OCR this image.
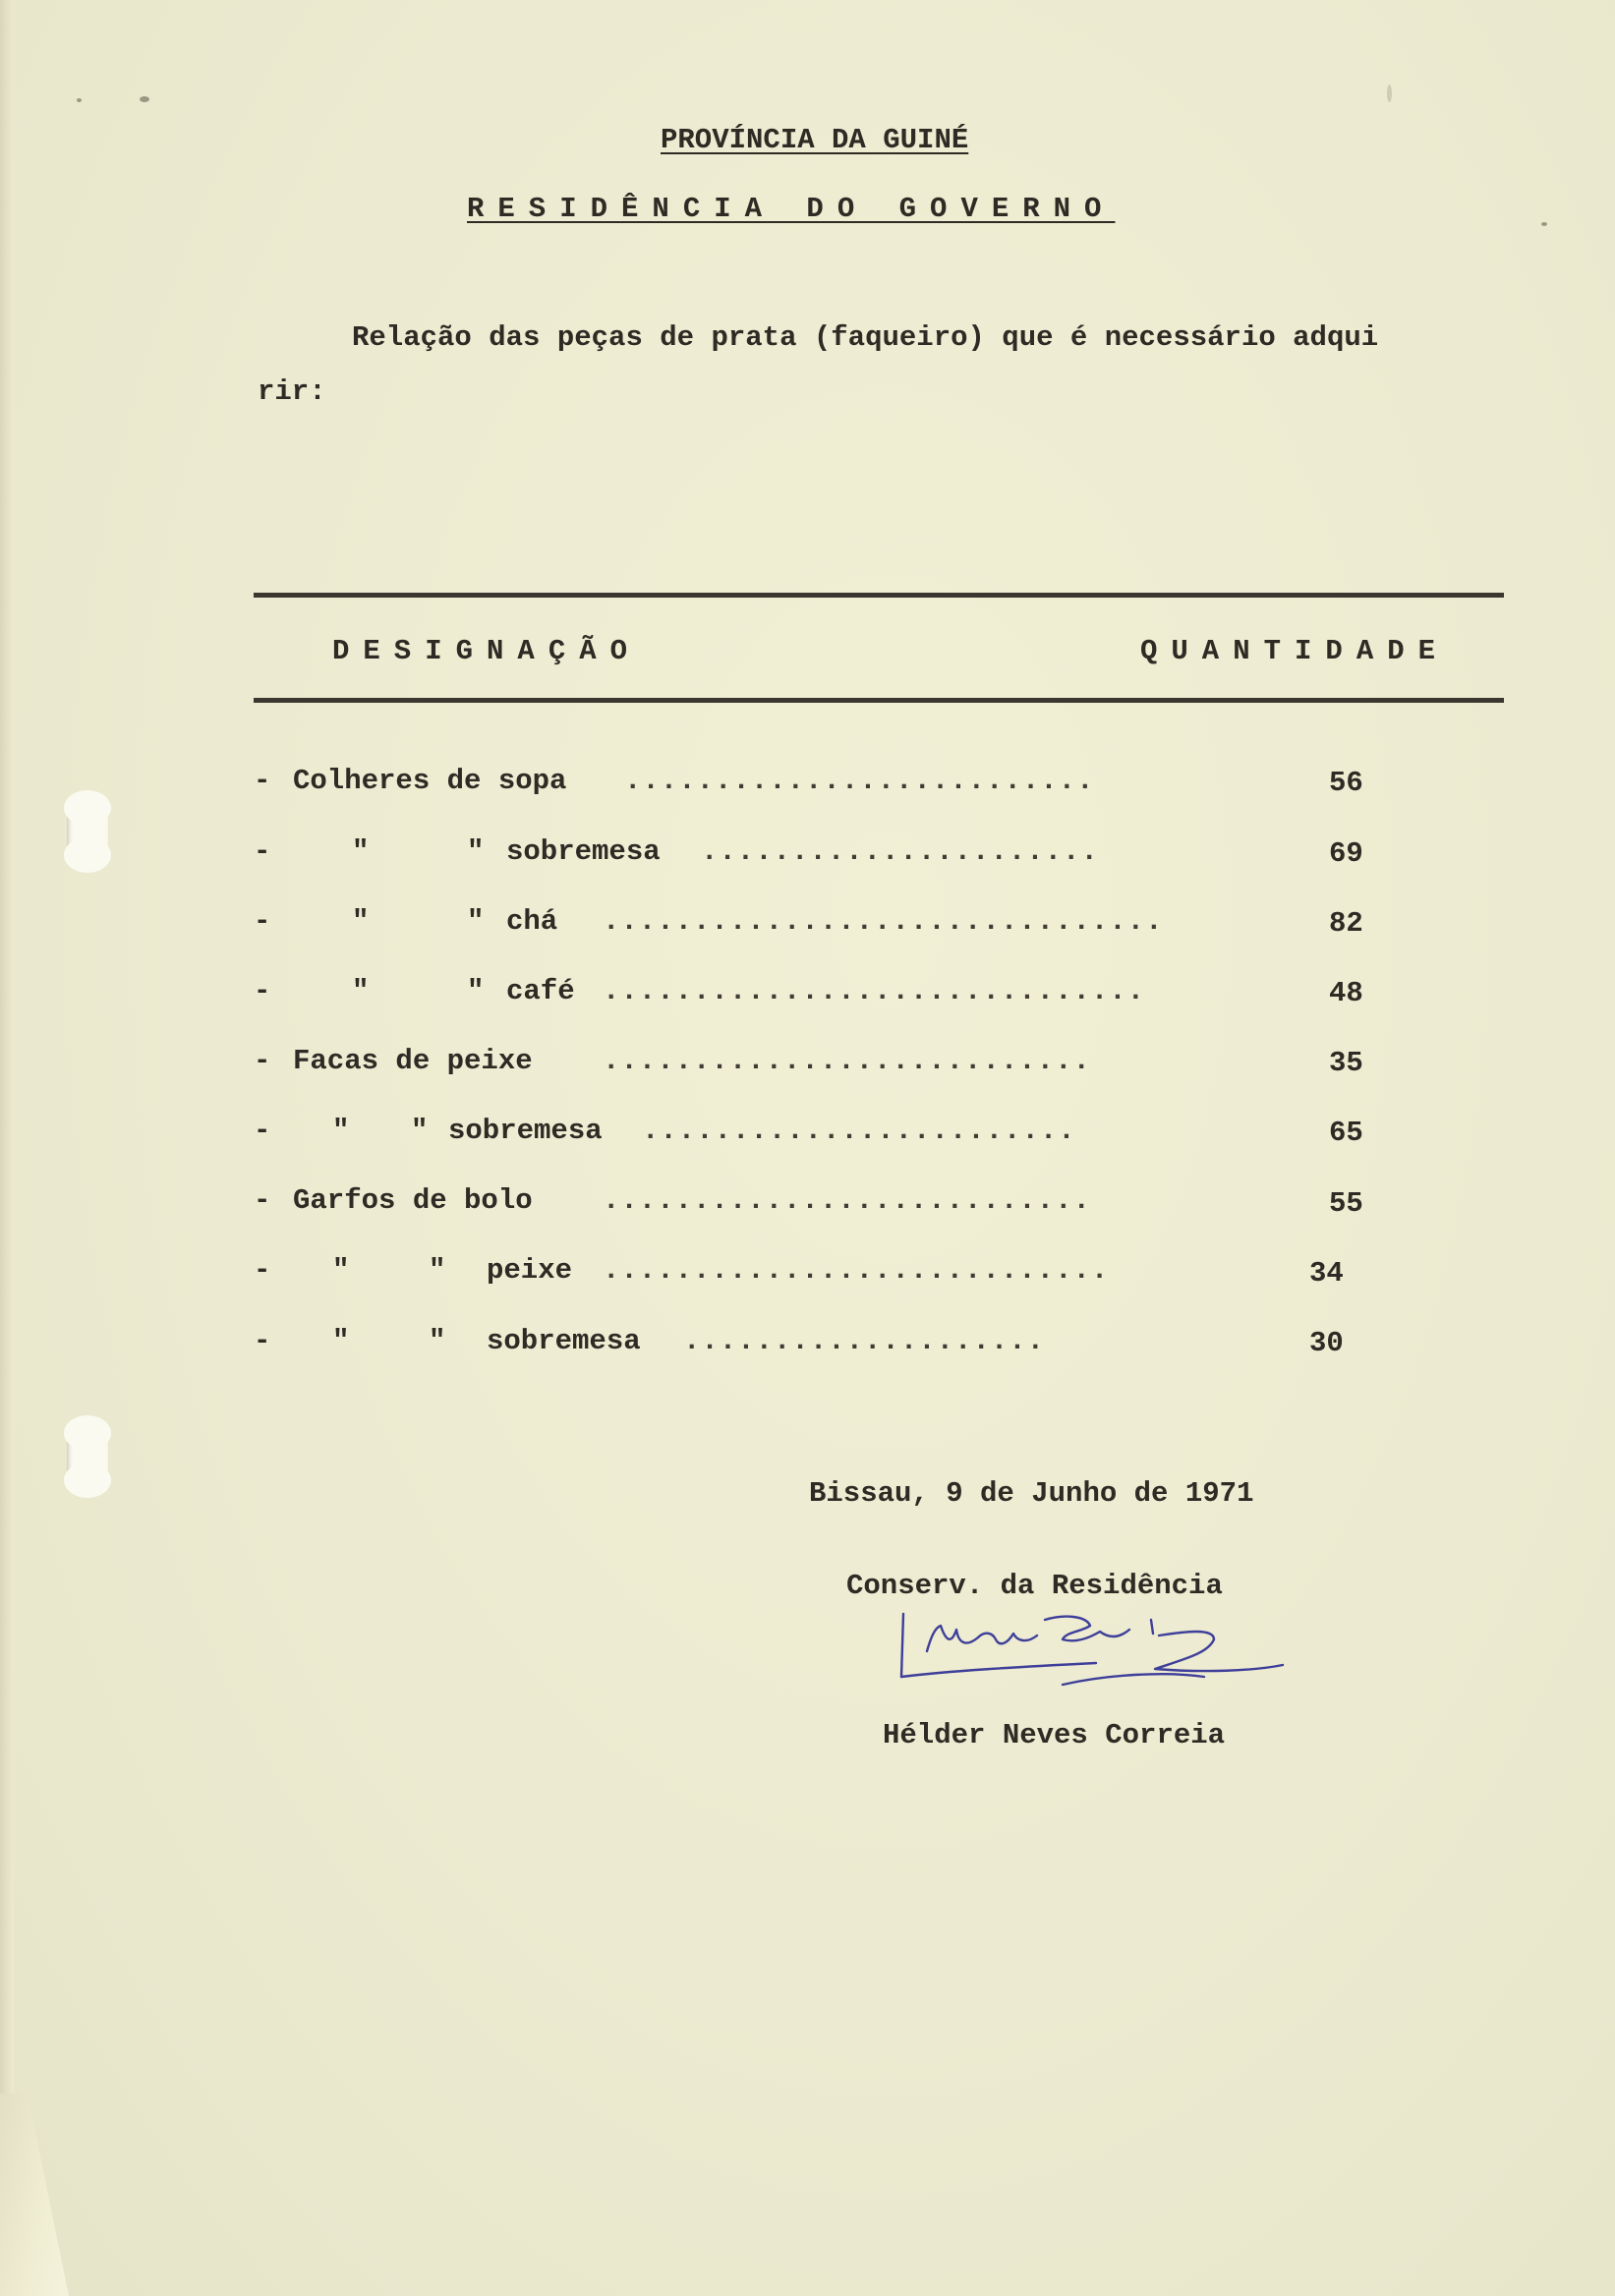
PROVÍNCIA DA GUINÉ
RESIDÊNCIA DO GOVERNO
Relação das peças de prata (faqueiro) que é necessário adqui
rir:
DESIGNAÇÃO	QUANTIDADE
- Colheres de sopa ..........................	56
-	"	" sobremesa ......................	69
-	"	" chá ...............................	82
-	"	" café ..............................	48
- Facas de peixe ...........................	35
- " " sobremesa ........................	65
- Garfos de bolo ...........................	55
- "	" peixe ............................	34
- "	" sobremesa ....................	30
Bissau, 9 de Junho de 1971
Conserv. da Residência
Neves Correia
Hélder Neves Correia
